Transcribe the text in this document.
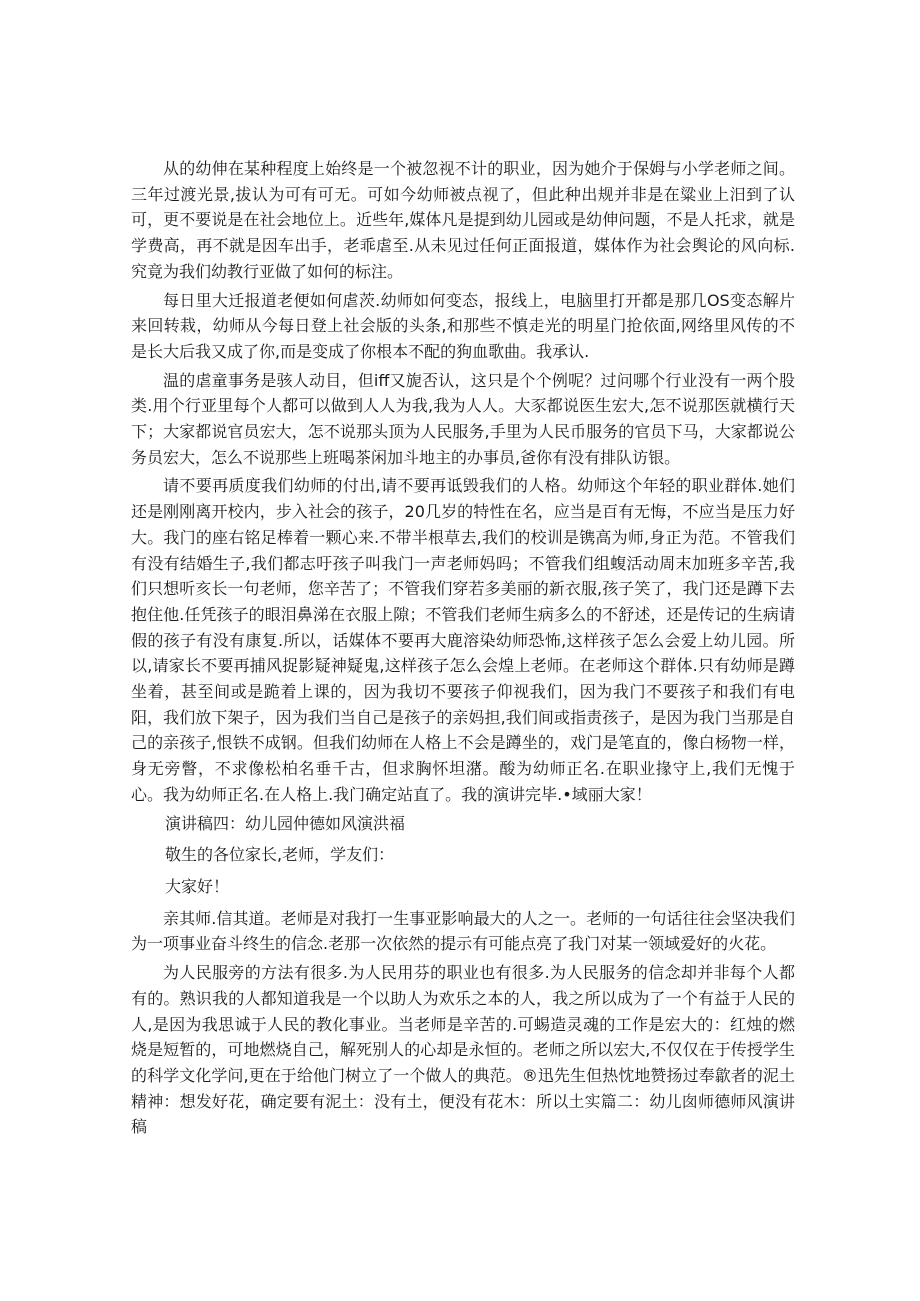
从的幼伸在某种程度上始终是一个被忽视不计的职业，因为她介于保姆与小学老师之间。三年过渡光景,拔认为可有可无。可如今幼师被点视了，但此种出规并非是在粱业上汨到了认可，更不要说是在社会地位上。近些年,媒体凡是提到幼儿园或是幼伸问题，不是人托求，就是学费高，再不就是因车出手，老乖虐至.从未见过任何正面报道，媒体作为社会舆论的风向标.究竟为我们幼教行亚做了如何的标注。

每日里大迁报道老便如何虐茨.幼师如何变态，报线上，电脑里打开都是那几OS变态解片来回转栽，幼师从今每日登上社会版的头条,和那些不慎走光的明星门抢依面,网络里风传的不是长大后我又成了你,而是变成了你根本不配的狗血歌曲。我承认.

温的虐童事务是骇人动目，但iff又旎否认，这只是个个例呢？过问哪个行业没有一两个股类.用个行亚里每个人都可以做到人人为我,我为人人。大豕都说医生宏大,怎不说那医就横行天下；大家都说官员宏大，怎不说那头顶为人民服务,手里为人民币服务的官员下马，大家都说公务员宏大，怎么不说那些上班喝茶闲加斗地主的办事员,爸你有没有排队访银。

请不要再质度我们幼师的付出,请不要再诋毁我们的人格。幼师这个年轻的职业群体.她们还是刚刚离开校内，步入社会的孩子，20几岁的特性在名，应当是百有无悔，不应当是压力好大。我门的座右铭足棒着一颗心来.不带半根草去,我们的校训是镌高为师,身正为范。不管我们有没有结婚生子,我们都志吁孩子叫我门一声老师妈吗；不管我们组蝮活动周末加班多辛苦,我们只想听亥长一句老师，您辛苦了；不管我们穿若多美丽的新衣服,孩子笑了，我门还是蹲下去抱住他.任凭孩子的眼泪鼻涕在衣服上隙；不管我们老师生病多么的不舒述，还是传记的生病请假的孩子有没有康复.所以，话媒体不要再大鹿溶染幼师恐怖,这样孩子怎么会爱上幼儿园。所以,请家长不要再捕风捉影疑神疑鬼,这样孩子怎么会煌上老师。在老师这个群体.只有幼师是蹲坐着，甚至间或是跪着上课的，因为我切不要孩子仰视我们，因为我门不要孩子和我们有电阳，我们放下架子，因为我们当自己是孩子的亲妈担,我们间或指责孩子，是因为我门当那是自己的亲孩子,恨铁不成钢。但我们幼师在人格上不会是蹲坐的，戏门是笔直的，像白杨物一样，身无旁瞥，不求像松柏名垂千古，但求胸怀坦潴。酸为幼师正名.在职业掾守上,我们无愧于心。我为幼师正名.在人格上.我门确定站直了。我的演讲完毕.•域丽大家！

演讲稿四：幼儿园仲德如风演洪福

敬生的各位家长,老师，学友们：

大家好！

亲其师.信其道。老师是对我打一生事亚影响最大的人之一。老师的一句话往往会坚决我们为一项事业奋斗终生的信念.老那一次依然的提示有可能点亮了我门对某一领域爱好的火花。

为人民服旁的方法有很多.为人民用芬的职业也有很多.为人民服务的信念却并非每个人都有的。熟识我的人都知道我是一个以助人为欢乐之本的人，我之所以成为了一个有益于人民的人,是因为我思诚于人民的教化事业。当老师是辛苦的.可蜴造灵魂的工作是宏大的：红烛的燃烧是短暂的，可地燃烧自己，解死别人的心却是永恒的。老师之所以宏大,不仅仅在于传授学生的科学文化学问,更在于给他门树立了一个做人的典范。®迅先生但热忱地赞扬过奉歙者的泥土精神：想发好花，确定要有泥土：没有土，便没有花木：所以土实篇二：幼儿囱师德师风演讲稿
